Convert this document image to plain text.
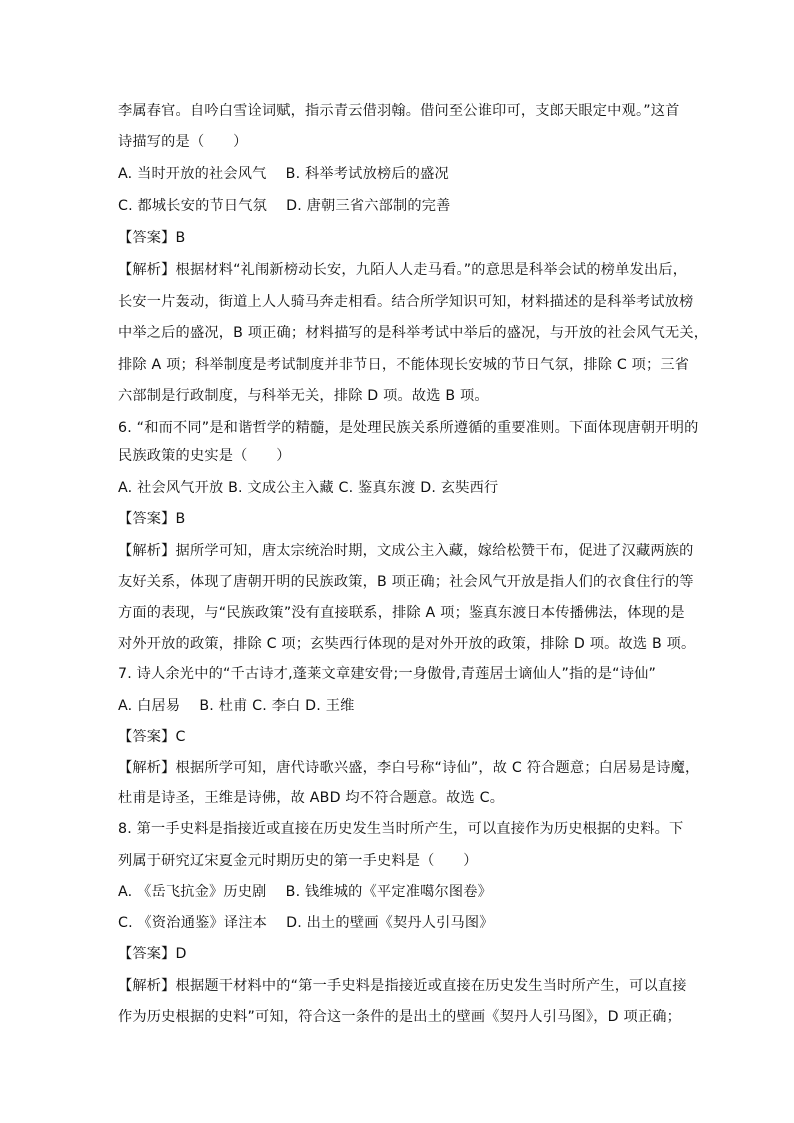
李属春官。自吟白雪诠词赋，指示青云借羽翰。借问至公谁印可，支郎天眼定中观。”这首
诗描写的是（　　）
A. 当时开放的社会风气　 B. 科举考试放榜后的盛况
C. 都城长安的节日气氛　 D. 唐朝三省六部制的完善
【答案】B
【解析】根据材料“礼闱新榜动长安，九陌人人走马看。”的意思是科举会试的榜单发出后，
长安一片轰动，街道上人人骑马奔走相看。结合所学知识可知，材料描述的是科举考试放榜
中举之后的盛况，B 项正确；材料描写的是科举考试中举后的盛况，与开放的社会风气无关，
排除 A 项；科举制度是考试制度并非节日，不能体现长安城的节日气氛，排除 C 项；三省
六部制是行政制度，与科举无关，排除 D 项。故选 B 项。
6. “和而不同”是和谐哲学的精髓，是处理民族关系所遵循的重要准则。下面体现唐朝开明的
民族政策的史实是（　　）
A. 社会风气开放 B. 文成公主入藏 C. 鉴真东渡 D. 玄奘西行
【答案】B
【解析】据所学可知，唐太宗统治时期，文成公主入藏，嫁给松赞干布，促进了汉藏两族的
友好关系，体现了唐朝开明的民族政策，B 项正确；社会风气开放是指人们的衣食住行的等
方面的表现，与“民族政策”没有直接联系，排除 A 项；鉴真东渡日本传播佛法，体现的是
对外开放的政策，排除 C 项；玄奘西行体现的是对外开放的政策，排除 D 项。故选 B 项。
7. 诗人余光中的“千古诗才,蓬莱文章建安骨;一身傲骨,青莲居士谪仙人”指的是“诗仙”
A. 白居易　 B. 杜甫 C. 李白 D. 王维
【答案】C
【解析】根据所学可知，唐代诗歌兴盛，李白号称“诗仙”，故 C 符合题意；白居易是诗魔，
杜甫是诗圣，王维是诗佛，故 ABD 均不符合题意。故选 C。
8. 第一手史料是指接近或直接在历史发生当时所产生，可以直接作为历史根据的史料。下
列属于研究辽宋夏金元时期历史的第一手史料是（　　）
A. 《岳飞抗金》历史剧　 B. 钱维城的《平定准噶尔图卷》
C. 《资治通鉴》译注本　 D. 出土的壁画《契丹人引马图》
【答案】D
【解析】根据题干材料中的“第一手史料是指接近或直接在历史发生当时所产生，可以直接
作为历史根据的史料”可知，符合这一条件的是出土的壁画《契丹人引马图》，D 项正确；
